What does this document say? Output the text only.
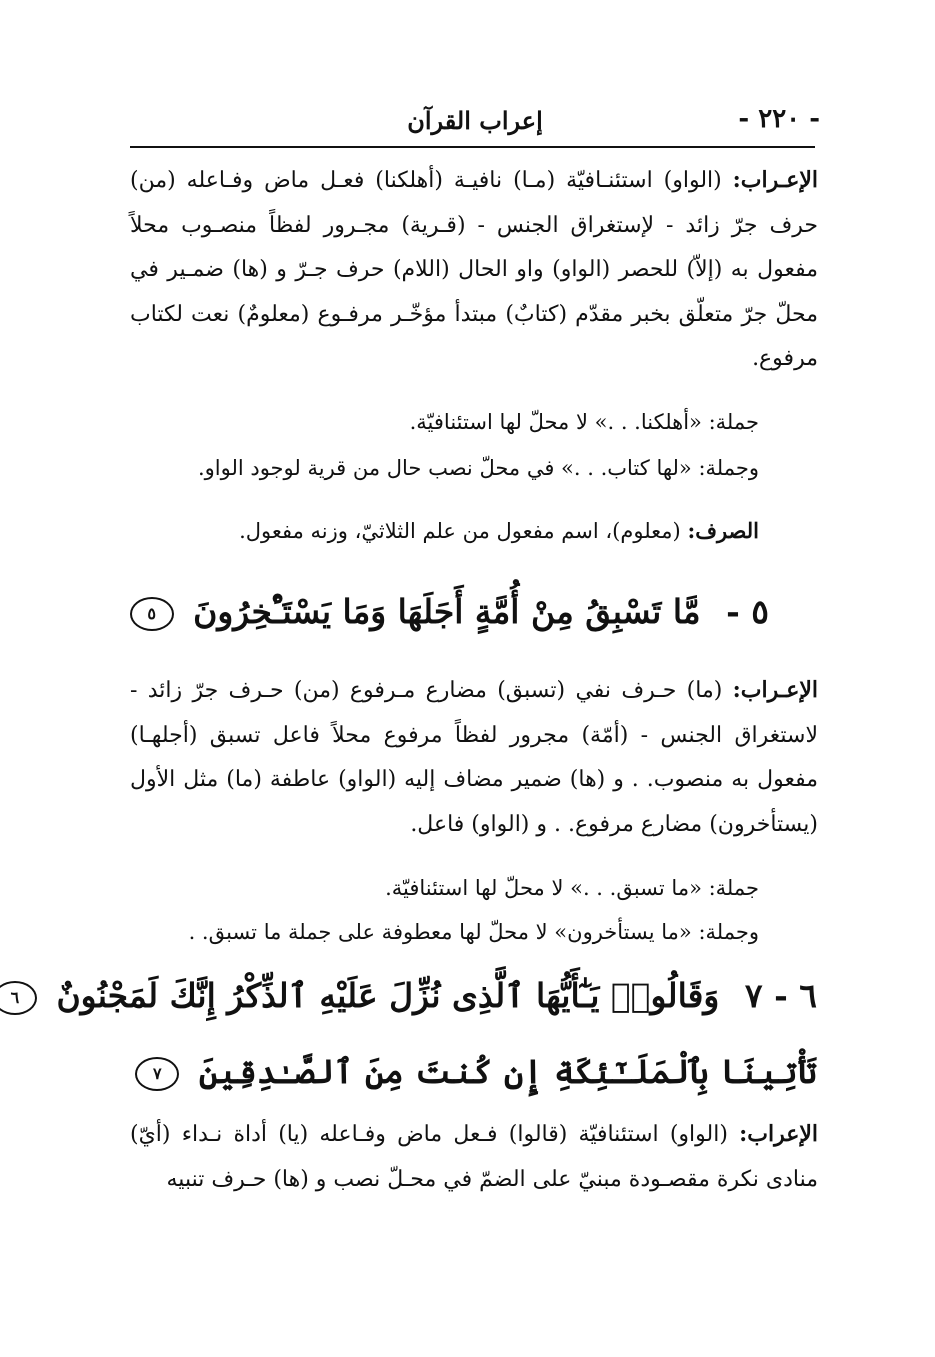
- ٢٢٠ -
إعراب القرآن
الإعـراب: (الواو) استئنـافيّة (مـا) نافيـة (أهلكنا) فعـل ماض وفـاعله (من) حرف جرّ زائد - لإستغراق الجنس - (قـرية) مجـرور لفظاً منصـوب محلاً مفعول به (إلاّ) للحصر (الواو) واو الحال (اللام) حرف جـرّ و (ها) ضمـير في محلّ جرّ متعلّق بخبر مقدّم (كتابٌ) مبتدأ مؤخّـر مرفـوع (معلومٌ) نعت لكتاب مرفوع.
جملة: «أهلكنا. . .» لا محلّ لها استئنافيّة.
وجملة: «لها كتاب. . .» في محلّ نصب حال من قرية لوجود الواو.
الصرف: (معلوم)، اسم مفعول من علم الثلاثيّ، وزنه مفعول.
٥ - مَّا تَسْبِقُ مِنْ أُمَّةٍ أَجَلَهَا وَمَا يَسْتَـْٔخِرُونَ ٥
الإعـراب: (ما) حـرف نفي (تسبق) مضارع مـرفوع (من) حـرف جرّ زائد - لاستغراق الجنس - (أمّة) مجرور لفظاً مرفوع محلاً فاعل تسبق (أجلهـا) مفعول به منصوب. . و (ها) ضمير مضاف إليه (الواو) عاطفة (ما) مثل الأول (يستأخرون) مضارع مرفوع. . و (الواو) فاعل.
جملة: «ما تسبق. . .» لا محلّ لها استئنافيّة.
وجملة: «ما يستأخرون» لا محلّ لها معطوفة على جملة ما تسبق. .
٦ - ٧ وَقَالُوا۟ يَـٰٓأَيُّهَا ٱلَّذِى نُزِّلَ عَلَيْهِ ٱلذِّكْرُ إِنَّكَ لَمَجْنُونٌ ٦
تَأْتِينَا بِٱلْمَلَـٰٓئِكَةِ إِن كُنتَ مِنَ ٱلصَّـٰدِقِينَ ٧
الإعراب: (الواو) استئنافيّة (قالوا) فـعل ماض وفـاعله (يا) أداة نـداء (أيّ) منادى نكرة مقصـودة مبنيّ على الضمّ في محـلّ نصب و (ها) حـرف تنبيه
